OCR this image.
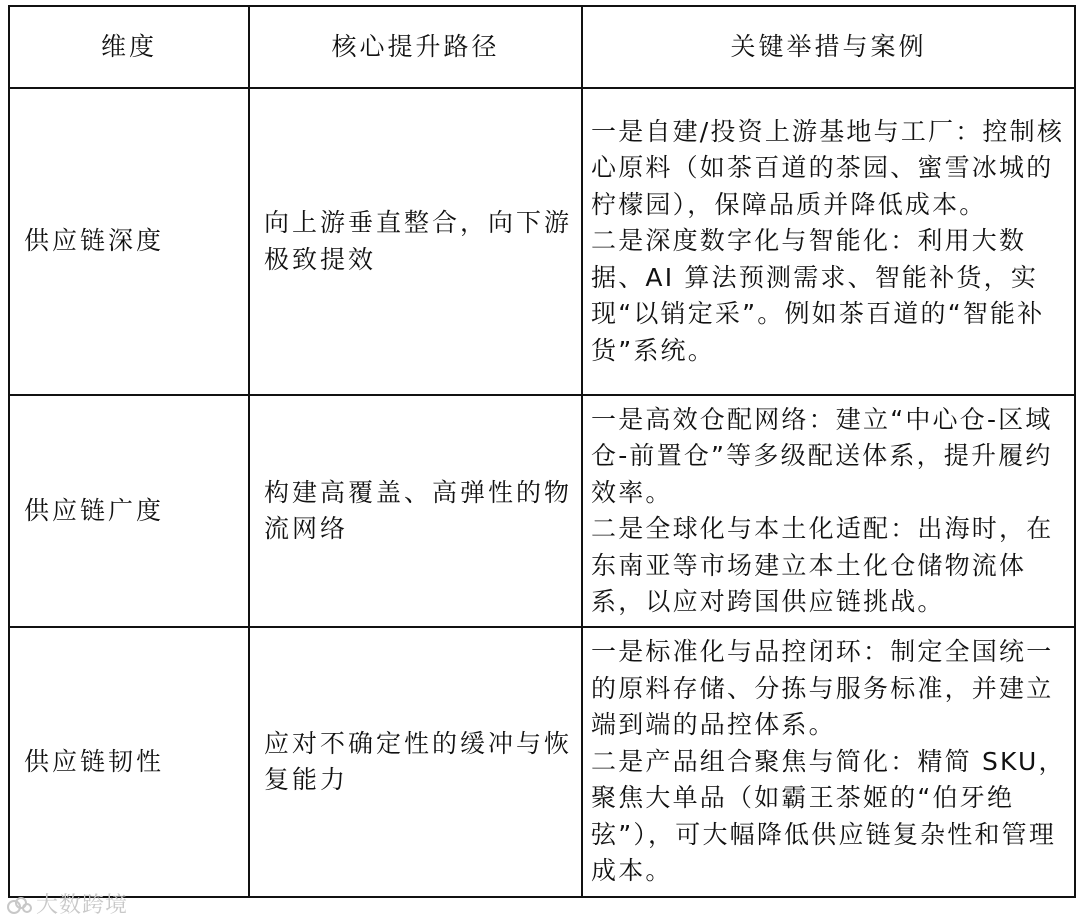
维度	核心提升路径	关键举措与案例
供应链深度	向上游垂直整合，向下游极致提效	一是自建/投资上游基地与工厂：控制核心原料（如茶百道的茶园、蜜雪冰城的柠檬园），保障品质并降低成本。
二是深度数字化与智能化：利用大数据、AI 算法预测需求、智能补货，实现“以销定采”。例如茶百道的“智能补货”系统。

供应链广度	构建高覆盖、高弹性的物流网络	一是高效仓配网络：建立“中心仓-区域仓-前置仓”等多级配送体系，提升履约效率。
二是全球化与本土化适配：出海时，在东南亚等市场建立本土化仓储物流体系，以应对跨国供应链挑战。

供应链韧性	应对不确定性的缓冲与恢复能力	一是标准化与品控闭环：制定全国统一的原料存储、分拣与服务标准，并建立端到端的品控体系。
二是产品组合聚焦与简化：精简 SKU，聚焦大单品（如霸王茶姬的“伯牙绝弦”），可大幅降低供应链复杂性和管理成本。
大数跨境
